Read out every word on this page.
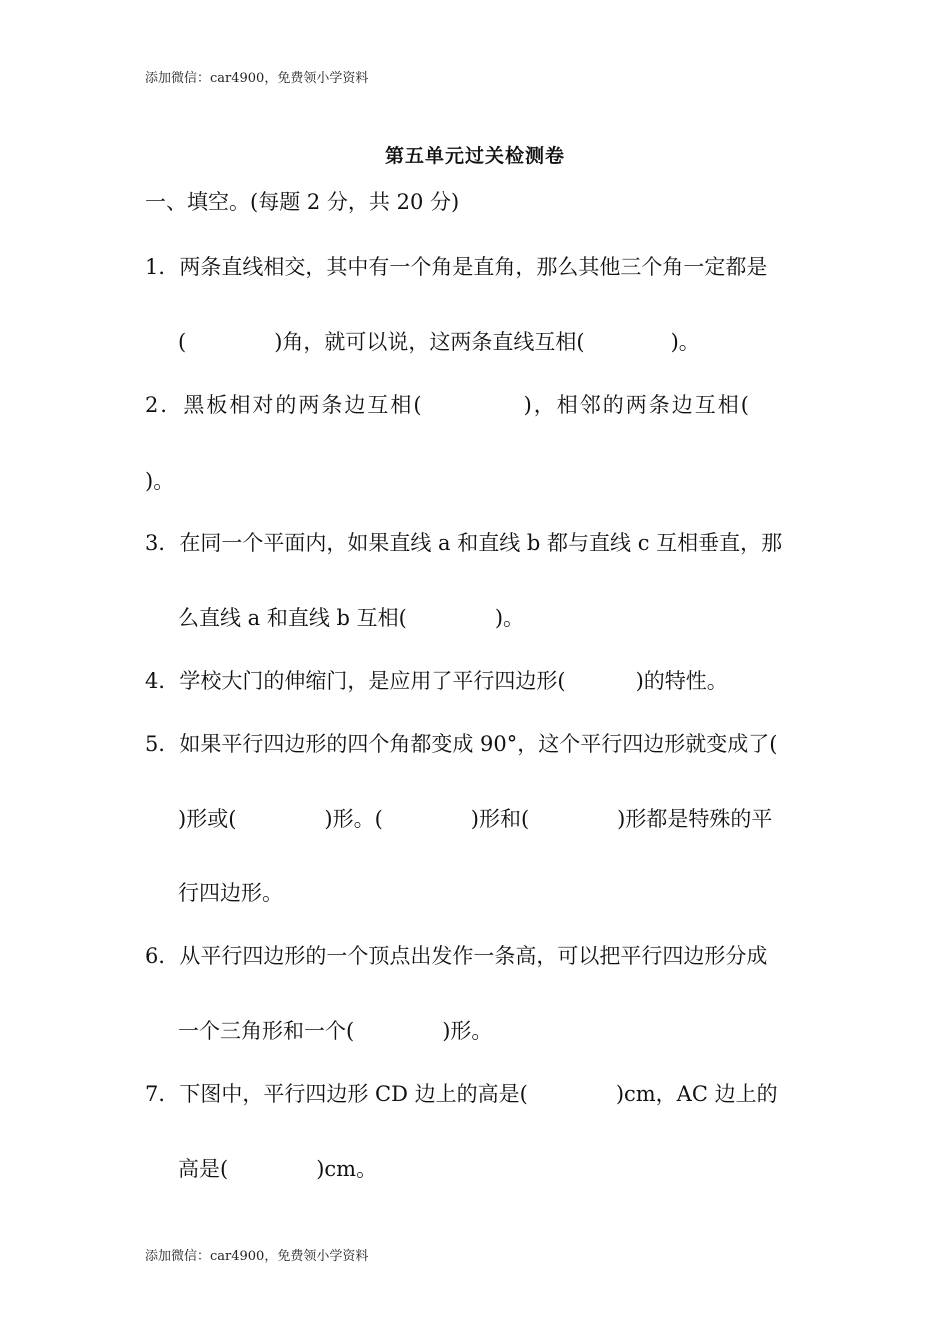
添加微信：car4900，免费领小学资料
第五单元过关检测卷
一、填空。(每题 2 分，共 20 分)
1．两条直线相交，其中有一个角是直角，那么其他三个角一定都是
(	)角，就可以说，这两条直线互相(	)。
2．黑板相对的两条边互相(	)，相邻的两条边互相(
)。
3．在同一个平面内，如果直线 a 和直线 b 都与直线 c 互相垂直，那
么直线 a 和直线 b 互相(	)。
4．学校大门的伸缩门，是应用了平行四边形(	)的特性。
5．如果平行四边形的四个角都变成 90°，这个平行四边形就变成了(
)形或(	)形。(	)形和(	)形都是特殊的平
行四边形。
6．从平行四边形的一个顶点出发作一条高，可以把平行四边形分成
一个三角形和一个(	)形。
7．下图中，平行四边形 CD 边上的高是(	)cm，AC 边上的
高是(	)cm。
添加微信：car4900，免费领小学资料
